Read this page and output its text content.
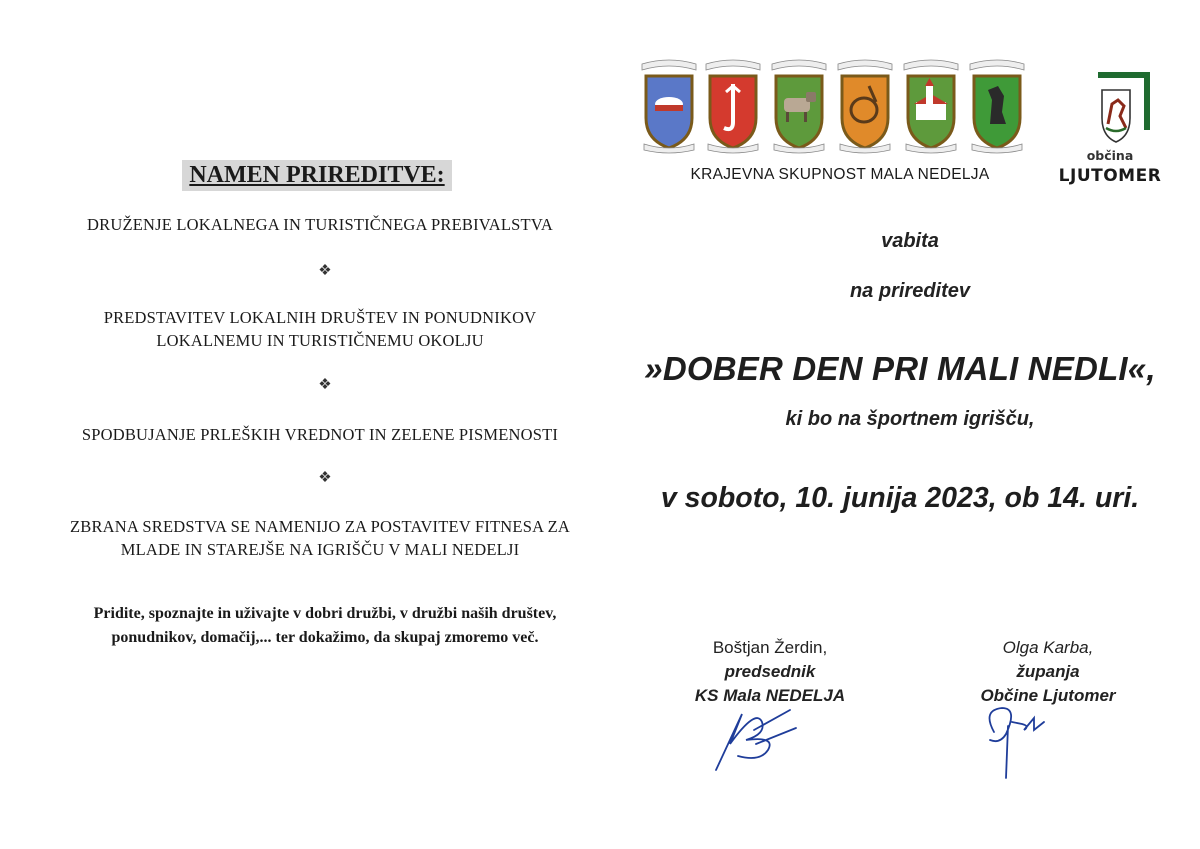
NAMEN PRIREDITVE:
DRUŽENJE LOKALNEGA IN TURISTIČNEGA PREBIVALSTVA
❖
PREDSTAVITEV LOKALNIH DRUŠTEV IN PONUDNIKOV
LOKALNEMU IN TURISTIČNEMU OKOLJU
❖
SPODBUJANJE PRLEŠKIH VREDNOT IN ZELENE PISMENOSTI
❖
ZBRANA SREDSTVA SE NAMENIJO ZA POSTAVITEV FITNESA ZA
MLADE IN STAREJŠE NA IGRIŠČU V MALI NEDELJI
Pridite, spoznajte in uživajte v dobri družbi, v družbi naših društev,
ponudnikov, domačij,... ter dokažimo, da skupaj zmoremo več.
KRAJEVNA SKUPNOST MALA NEDELJA
občina
LJUTOMER
vabita
na prireditev
»DOBER DEN PRI MALI NEDLI«,
ki bo na športnem igrišču,
v soboto, 10. junija 2023, ob 14. uri.
Boštjan Žerdin,
predsednik
KS Mala NEDELJA
Olga Karba,
županja
Občine Ljutomer
